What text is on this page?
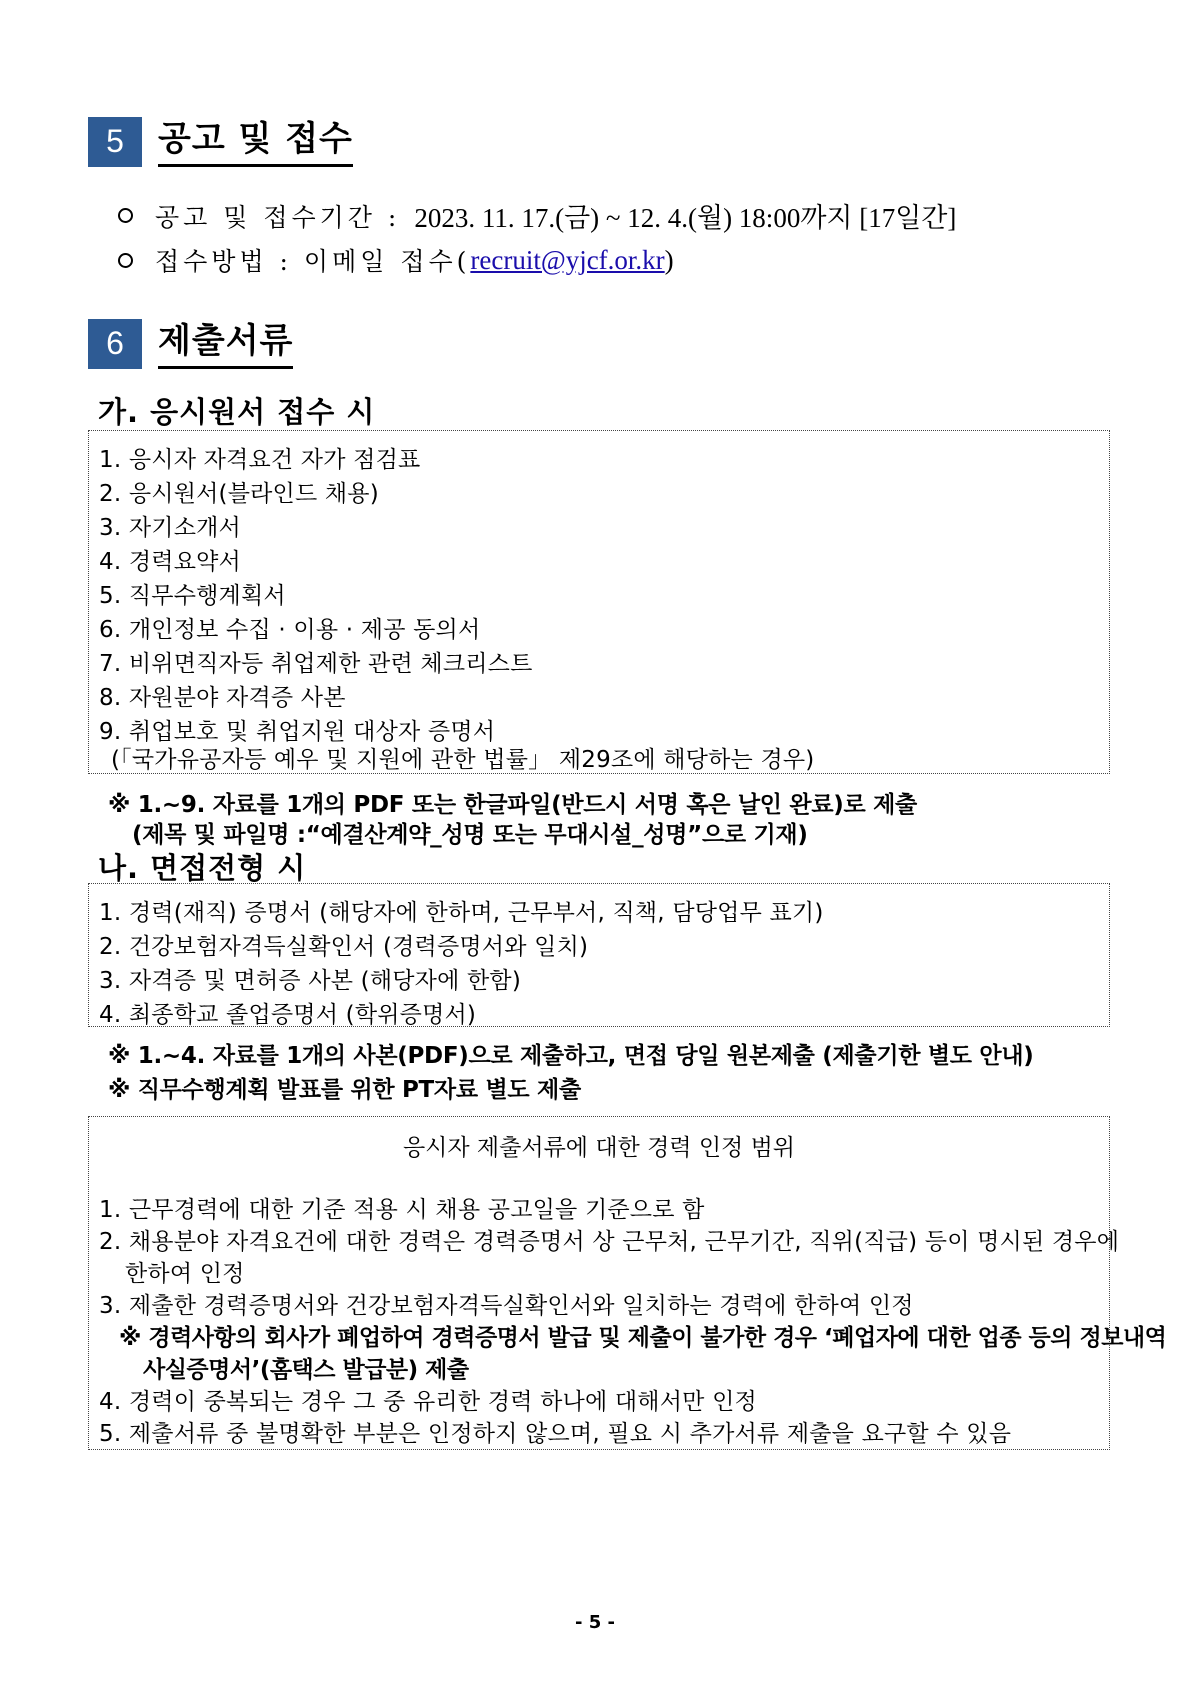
5	공고 및 접수
공고 및 접수기간 : 2023. 11. 17.(금) ~ 12. 4.(월) 18:00까지 [17일간]
접수방법 : 이메일 접수( recruit@yjcf.or.kr )
6	제출서류
가. 응시원서 접수 시
1. 응시자 자격요건 자가 점검표
2. 응시원서(블라인드 채용)
3. 자기소개서
4. 경력요약서
5. 직무수행계획서
6. 개인정보 수집 · 이용 · 제공 동의서
7. 비위면직자등 취업제한 관련 체크리스트
8. 자원분야 자격증 사본
9. 취업보호 및 취업지원 대상자 증명서
(「국가유공자등 예우 및 지원에 관한 법률」 제29조에 해당하는 경우)
※ 1.~9. 자료를 1개의 PDF 또는 한글파일(반드시 서명 혹은 날인 완료)로 제출
(제목 및 파일명 :“예결산계약_성명 또는 무대시설_성명”으로 기재)
나. 면접전형 시
1. 경력(재직) 증명서 (해당자에 한하며, 근무부서, 직책, 담당업무 표기)
2. 건강보험자격득실확인서 (경력증명서와 일치)
3. 자격증 및 면허증 사본 (해당자에 한함)
4. 최종학교 졸업증명서 (학위증명서)
※ 1.~4. 자료를 1개의 사본(PDF)으로 제출하고, 면접 당일 원본제출 (제출기한 별도 안내)
※ 직무수행계획 발표를 위한 PT자료 별도 제출
응시자 제출서류에 대한 경력 인정 범위
1. 근무경력에 대한 기준 적용 시 채용 공고일을 기준으로 함
2. 채용분야 자격요건에 대한 경력은 경력증명서 상 근무처, 근무기간, 직위(직급) 등이 명시된 경우에
한하여 인정
3. 제출한 경력증명서와 건강보험자격득실확인서와 일치하는 경력에 한하여 인정
※ 경력사항의 회사가 폐업하여 경력증명서 발급 및 제출이 불가한 경우 ‘폐업자에 대한 업종 등의 정보내역
사실증명서’(홈택스 발급분) 제출
4. 경력이 중복되는 경우 그 중 유리한 경력 하나에 대해서만 인정
5. 제출서류 중 불명확한 부분은 인정하지 않으며, 필요 시 추가서류 제출을 요구할 수 있음
- 5 -
